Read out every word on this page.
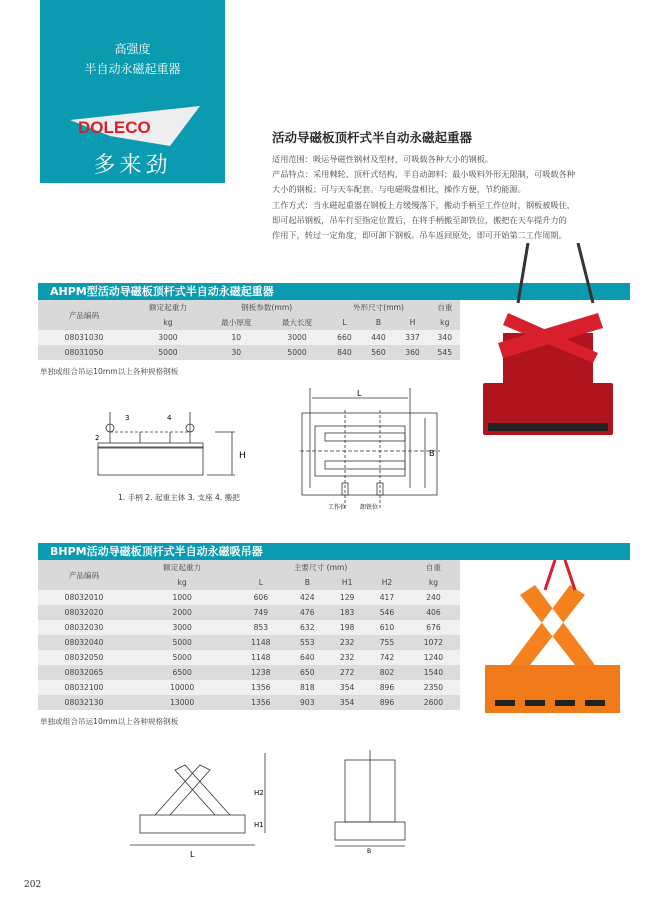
高强度
半自动永磁起重器
DOLECO
多来劲
活动导磁板顶杆式半自动永磁起重器

适用范围：吸运导磁性钢材及型材，可吸载各种大小的钢板。

产品特点：采用棘轮、顶杆式结构，半自动卸料；最小吸料外形无限制，可吸载各种

大小的钢板；可与天车配套。与电磁吸盘相比，操作方便，节约能源。

工作方式：当永磁起重器在钢板上方缓慢落下，搬动手柄至工作位时，钢板被吸住，

即可起吊钢板，吊车行至指定位置后，在将手柄搬至卸铁位，搬把在天车提升力的

作用下，转过一定角度，即可卸下钢板。吊车返回原处，即可开始第二工作周期。

AHPM型活动导磁板顶杆式半自动永磁起重器
产品编码	额定起重力	钢板参数(mm)		外形尺寸(mm)			自重
	kg	最小厚度	最大长度	L	B	H	kg
08031030	3000	10	3000	660	440	337	340
08031050	5000	30	5000	840	560	360	545
单独或组合吊运10mm以上各种规格钢板
H
3	4
2
1. 手柄 2. 起重主体 3. 支座 4. 搬把
L
B
工作位 卸铁位
BHPM活动导磁板顶杆式半自动永磁吸吊器
产品编码	额定起重力	主要尺寸 (mm)				自重
	kg	L	B	H1	H2	kg
08032010	1000	606	424	129	417	240
08032020	2000	749	476	183	546	406
08032030	3000	853	632	198	610	676
08032040	5000	1148	553	232	755	1072
08032050	5000	1148	640	232	742	1240
08032065	6500	1238	650	272	802	1540
08032100	10000	1356	818	354	896	2350
08032130	13000	1356	903	354	896	2600
单独或组合吊运10mm以上各种规格钢板
H2
H1
L	B
202
